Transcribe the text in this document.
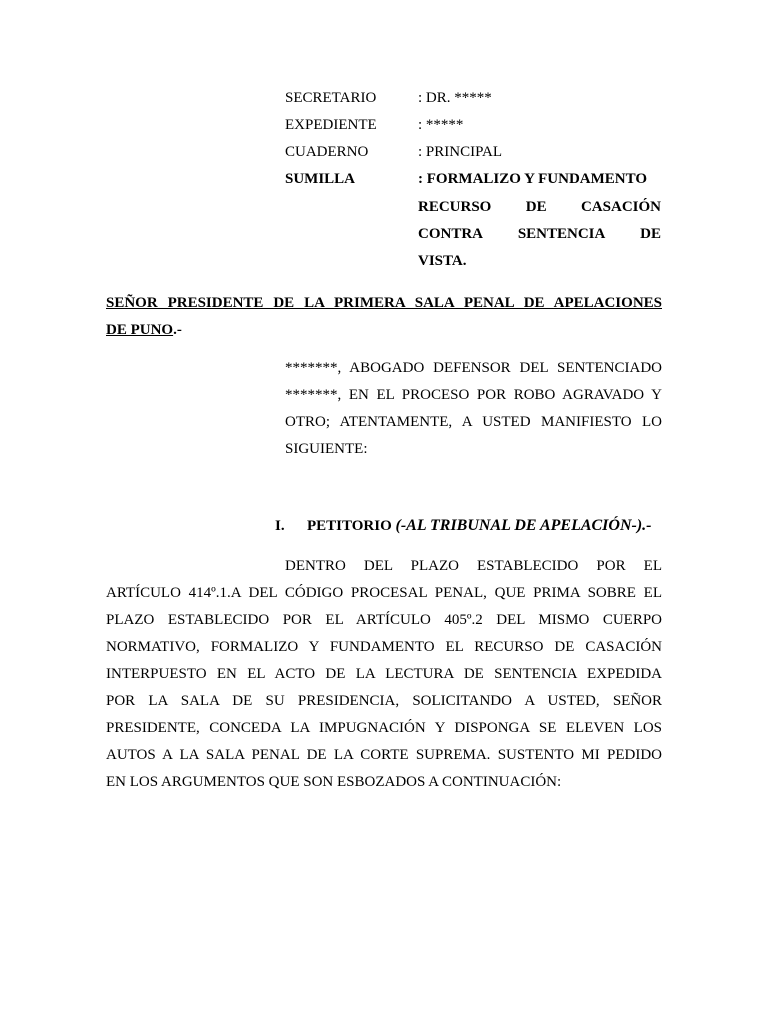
SECRETARIO	: DR. *****
EXPEDIENTE	: *****
CUADERNO	: PRINCIPAL
SUMILLA	: FORMALIZO Y FUNDAMENTO
RECURSO DE CASACIÓN
CONTRA SENTENCIA DE
VISTA.
SEÑOR PRESIDENTE DE LA PRIMERA SALA PENAL DE APELACIONES
DE PUNO.-
*******, ABOGADO DEFENSOR DEL SENTENCIADO
*******, EN EL PROCESO POR ROBO AGRAVADO Y
OTRO; ATENTAMENTE, A USTED MANIFIESTO LO
SIGUIENTE:
I. PETITORIO (-AL TRIBUNAL DE APELACIÓN-).-
DENTRO DEL PLAZO ESTABLECIDO POR EL
ARTÍCULO 414º.1.A DEL CÓDIGO PROCESAL PENAL, QUE PRIMA SOBRE EL
PLAZO ESTABLECIDO POR EL ARTÍCULO 405º.2 DEL MISMO CUERPO
NORMATIVO, FORMALIZO Y FUNDAMENTO EL RECURSO DE CASACIÓN
INTERPUESTO EN EL ACTO DE LA LECTURA DE SENTENCIA EXPEDIDA
POR LA SALA DE SU PRESIDENCIA, SOLICITANDO A USTED, SEÑOR
PRESIDENTE, CONCEDA LA IMPUGNACIÓN Y DISPONGA SE ELEVEN LOS
AUTOS A LA SALA PENAL DE LA CORTE SUPREMA. SUSTENTO MI PEDIDO
EN LOS ARGUMENTOS QUE SON ESBOZADOS A CONTINUACIÓN:
